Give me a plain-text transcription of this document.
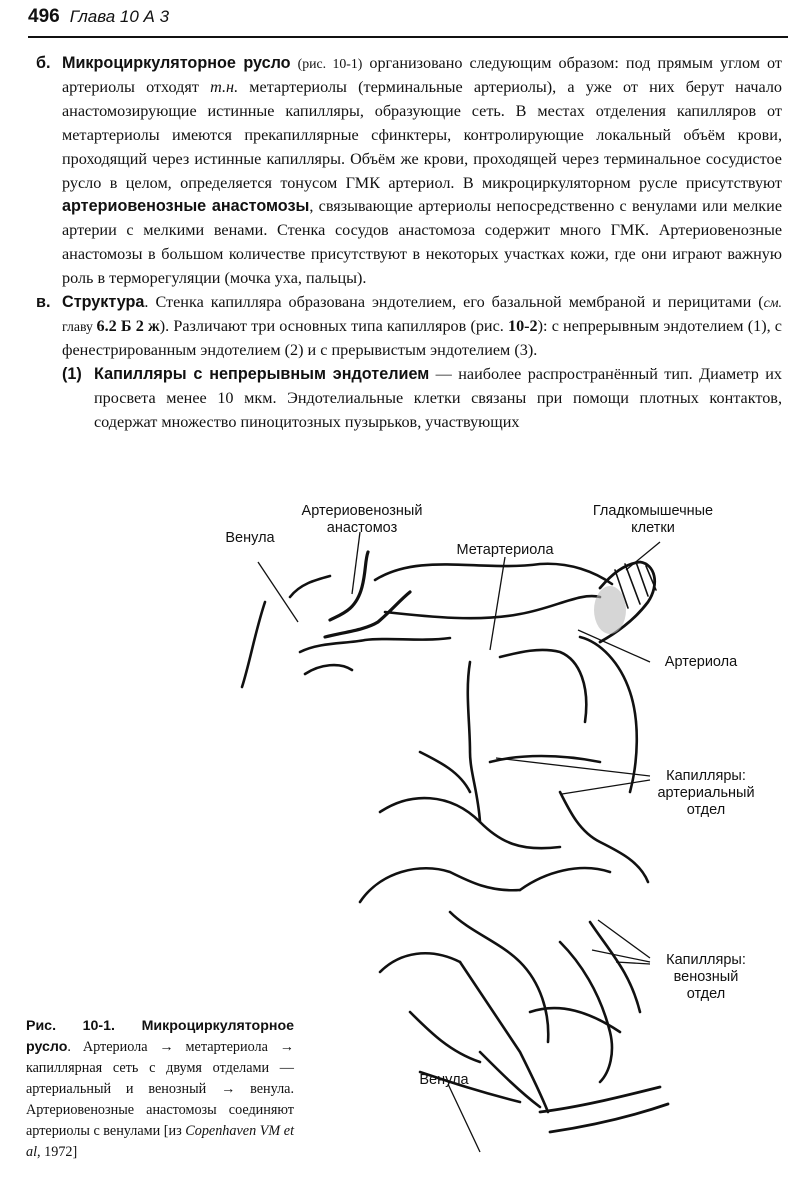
496 Глава 10 А 3

б. Микроциркуляторное русло (рис. 10-1) организовано следующим образом: под прямым углом от артериолы отходят т.н. метартериолы (терминальные артериолы), а уже от них берут начало анастомозирующие истинные капилляры, образующие сеть. В местах отделения капилляров от метартериолы имеются прекапиллярные сфинктеры, контролирующие локальный объём крови, проходящий через истинные капилляры. Объём же крови, проходящей через терминальное сосудистое русло в целом, определяется тонусом ГМК артериол. В микроциркуляторном русле присутствуют артериовенозные анастомозы, связывающие артериолы непосредственно с венулами или мелкие артерии с мелкими венами. Стенка сосудов анастомоза содержит много ГМК. Артериовенозные анастомозы в большом количестве присутствуют в некоторых участках кожи, где они играют важную роль в терморегуляции (мочка уха, пальцы).

в. Структура. Стенка капилляра образована эндотелием, его базальной мембраной и перицитами (см. главу 6.2 Б 2 ж). Различают три основных типа капилляров (рис. 10-2): с непрерывным эндотелием (1), с фенестрированным эндотелием (2) и с прерывистым эндотелием (3).

(1) Капилляры с непрерывным эндотелием — наиболее распространённый тип. Диаметр их просвета менее 10 мкм. Эндотелиальные клетки связаны при помощи плотных контактов, содержат множество пиноцитозных пузырьков, участвующих

Артериовенозный
анастомоз
Гладкомышечные
клетки
Венула
Метартериола
Артериола
Капилляры:
артериальный
отдел
Капилляры:
венозный
отдел
Венула
Рис. 10-1. Микроциркуляторное русло. Артериола → метартериола → капиллярная сеть с двумя отделами — артериальный и венозный → венула. Артериовенозные анастомозы соединяют артериолы с венулами [из Copenhaven VM et al, 1972]
